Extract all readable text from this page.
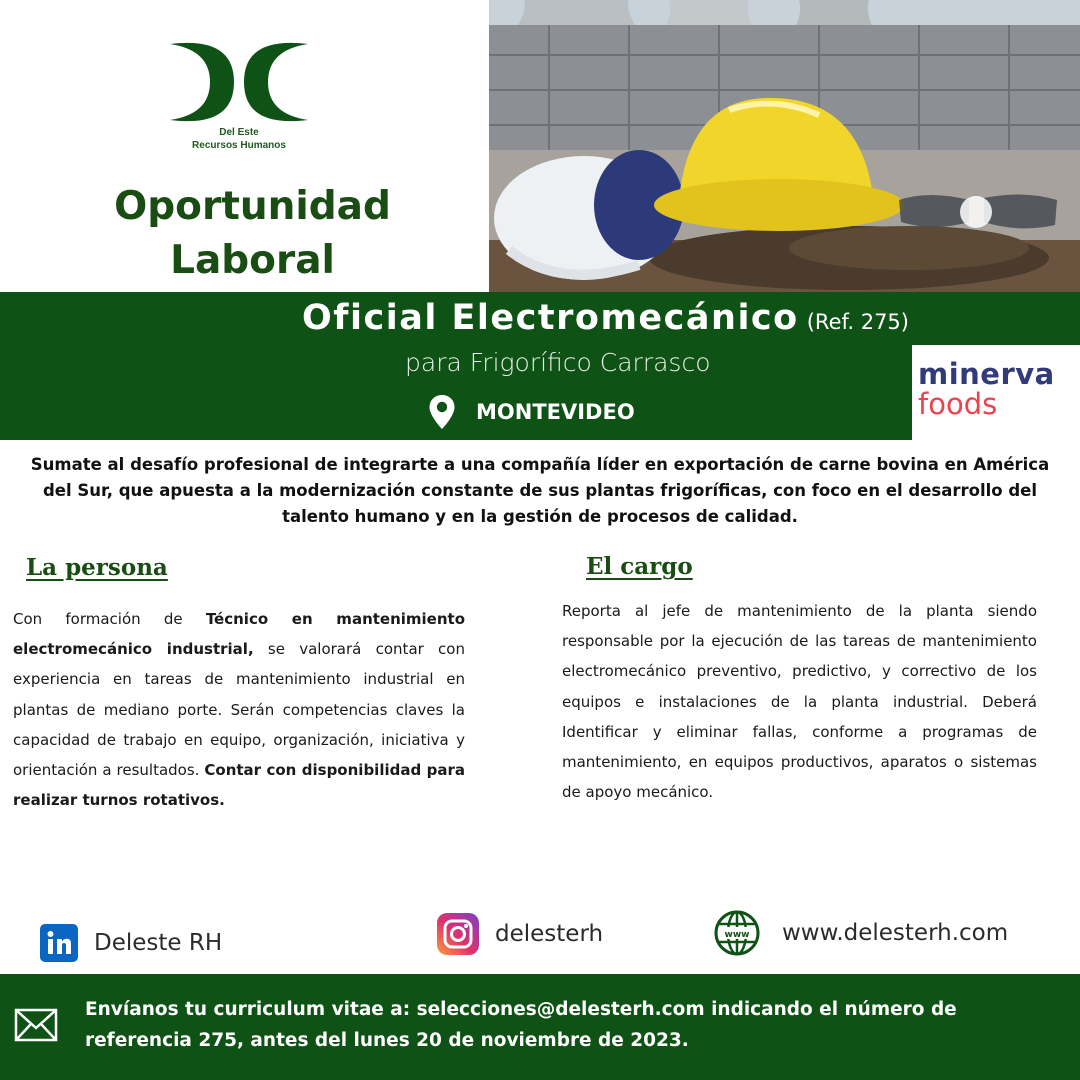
Del Este
Recursos Humanos
Oportunidad
Laboral
Oficial Electromecánico (Ref. 275)
para Frigorífico Carrasco
MONTEVIDEO
minerva
foods
Sumate al desafío profesional de integrarte a una compañía líder en exportación de carne bovina en América del Sur, que apuesta a la modernización constante de sus plantas frigoríficas, con foco en el desarrollo del talento humano y en la gestión de procesos de calidad.
La persona
Con formación de Técnico en mantenimiento electromecánico industrial, se valorará contar con experiencia en tareas de mantenimiento industrial en plantas de mediano porte. Serán competencias claves la capacidad de trabajo en equipo, organización, iniciativa y orientación a resultados. Contar con disponibilidad para realizar turnos rotativos.
El cargo
Reporta al jefe de mantenimiento de la planta siendo responsable por la ejecución de las tareas de mantenimiento electromecánico preventivo, predictivo, y correctivo de los equipos e instalaciones de la planta industrial. Deberá Identificar y eliminar fallas, conforme a programas de mantenimiento, en equipos productivos, aparatos o sistemas de apoyo mecánico.
Deleste RH	delesterh	www www.delesterh.com
Envíanos tu curriculum vitae a: selecciones@delesterh.com indicando el número de referencia 275, antes del lunes 20 de noviembre de 2023.
